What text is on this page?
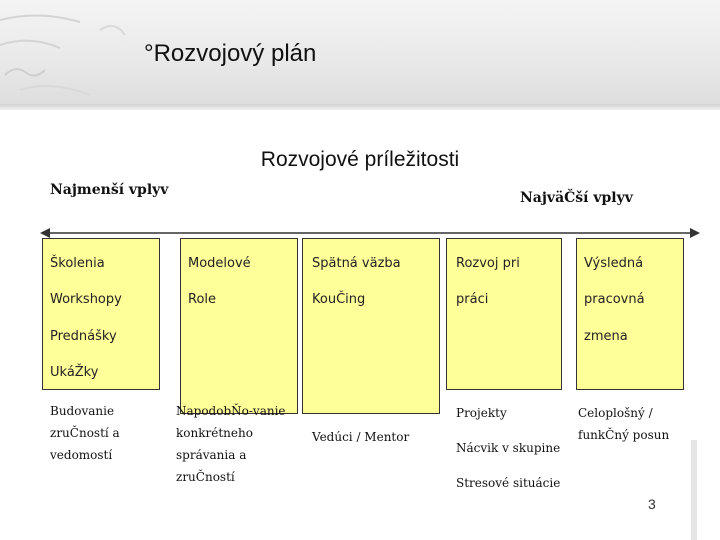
°Rozvojový plán
Rozvojové príležitosti
Najmenší vplyv	NajväČší vplyv
Školenia
Workshopy
Prednášky
UkáŽky
Modelové
Role
Spätná väzba
KouČing
Rozvoj pri
práci
Výsledná
pracovná
zmena
Budovanie
zruČností a
vedomostí
NapodobŇo-vanie
konkrétneho
správania a
zruČností
Vedúci / Mentor
Projekty
Nácvik v skupine
Stresové situácie
Celoplošný /
funkČný posun
3
